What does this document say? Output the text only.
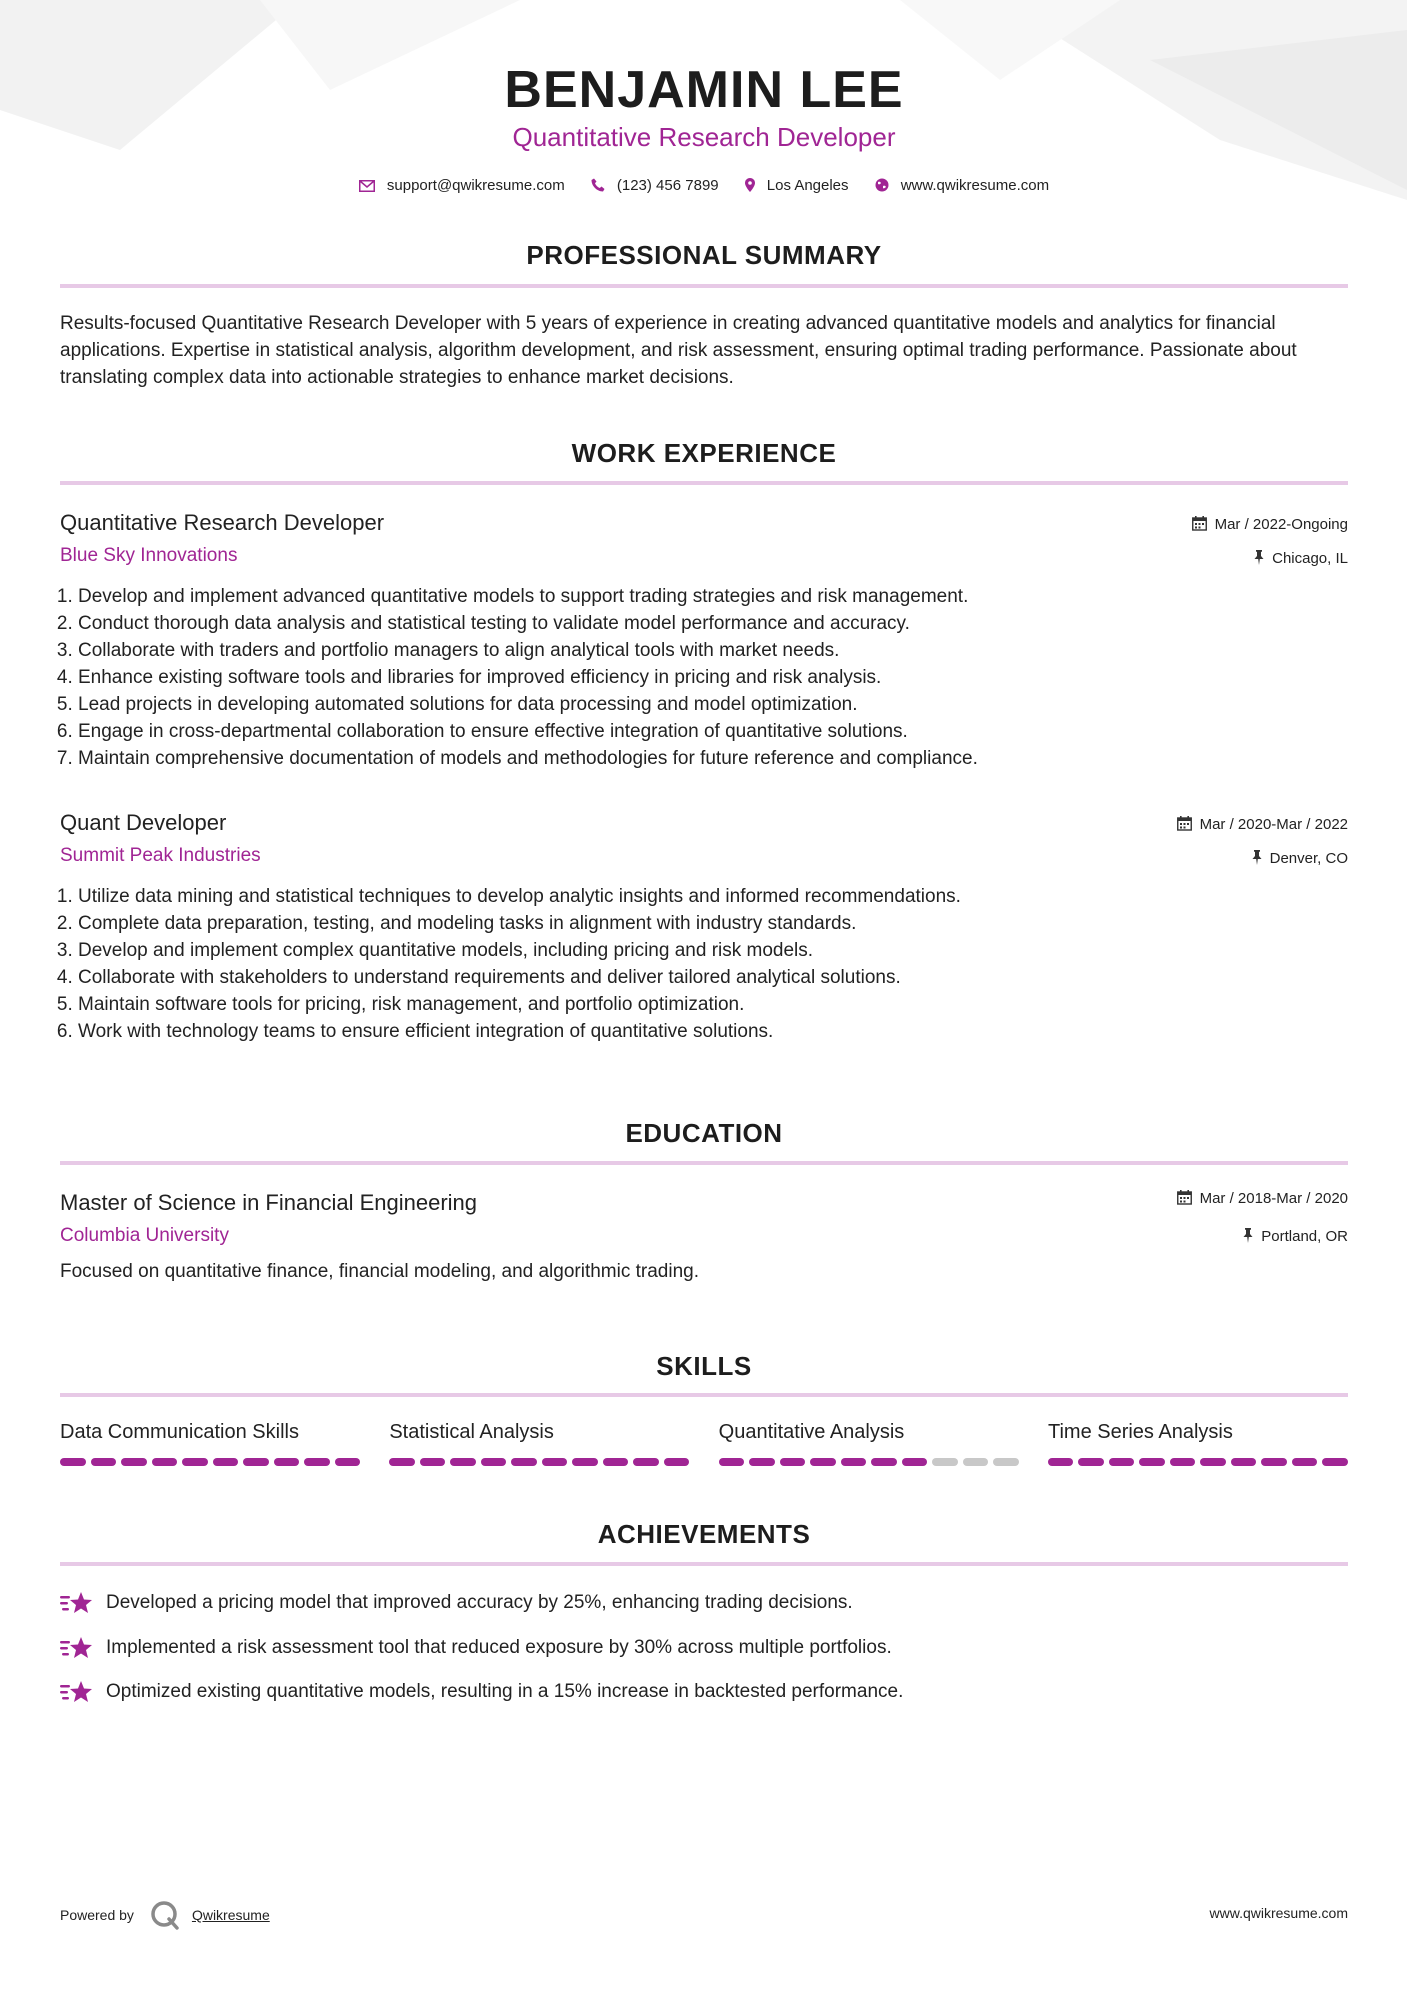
BENJAMIN LEE
Quantitative Research Developer
support@qwikresume.com	(123) 456 7899	Los Angeles	www.qwikresume.com
PROFESSIONAL SUMMARY

Results-focused Quantitative Research Developer with 5 years of experience in creating advanced quantitative models and analytics for financial applications. Expertise in statistical analysis, algorithm development, and risk assessment, ensuring optimal trading performance. Passionate about translating complex data into actionable strategies to enhance market decisions.

WORK EXPERIENCE
Quantitative Research Developer
Blue Sky Innovations
Mar / 2022-Ongoing
Chicago, IL
1. Develop and implement advanced quantitative models to support trading strategies and risk management.
2. Conduct thorough data analysis and statistical testing to validate model performance and accuracy.
3. Collaborate with traders and portfolio managers to align analytical tools with market needs.
4. Enhance existing software tools and libraries for improved efficiency in pricing and risk analysis.
5. Lead projects in developing automated solutions for data processing and model optimization.
6. Engage in cross-departmental collaboration to ensure effective integration of quantitative solutions.
7. Maintain comprehensive documentation of models and methodologies for future reference and compliance.
Quant Developer
Summit Peak Industries
Mar / 2020-Mar / 2022
Denver, CO
1. Utilize data mining and statistical techniques to develop analytic insights and informed recommendations.
2. Complete data preparation, testing, and modeling tasks in alignment with industry standards.
3. Develop and implement complex quantitative models, including pricing and risk models.
4. Collaborate with stakeholders to understand requirements and deliver tailored analytical solutions.
5. Maintain software tools for pricing, risk management, and portfolio optimization.
6. Work with technology teams to ensure efficient integration of quantitative solutions.
EDUCATION
Master of Science in Financial Engineering
Columbia University
Mar / 2018-Mar / 2020
Portland, OR
Focused on quantitative finance, financial modeling, and algorithmic trading.
SKILLS
Data Communication Skills	Statistical Analysis	Quantitative Analysis	Time Series Analysis
ACHIEVEMENTS
Developed a pricing model that improved accuracy by 25%, enhancing trading decisions.
Implemented a risk assessment tool that reduced exposure by 30% across multiple portfolios.
Optimized existing quantitative models, resulting in a 15% increase in backtested performance.
Powered by	Qwikresume	www.qwikresume.com
